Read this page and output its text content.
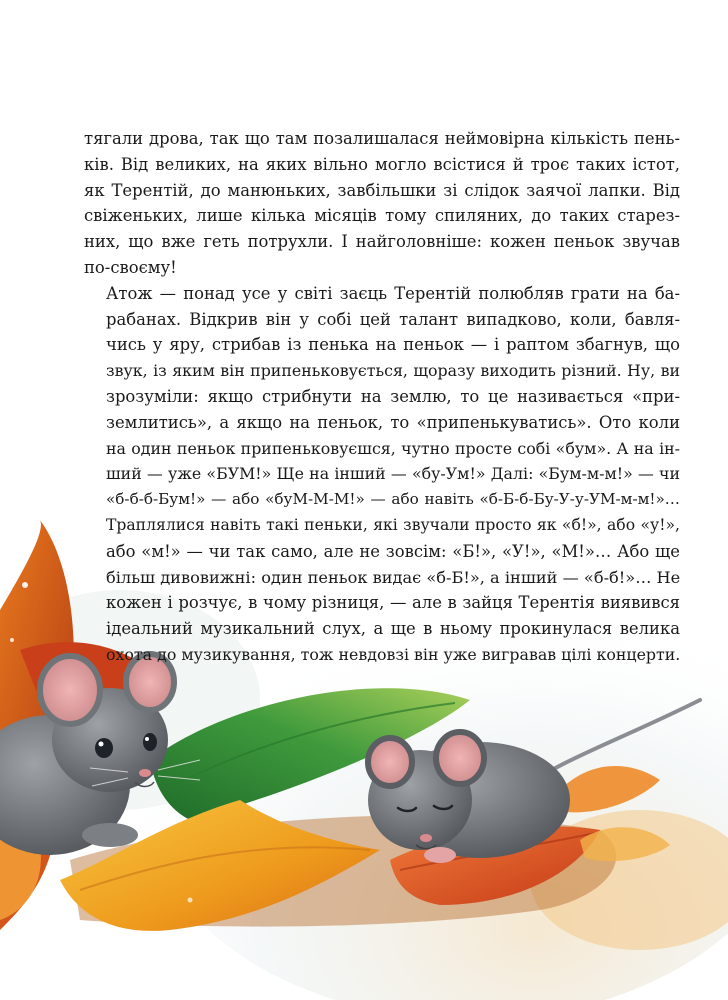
тягали дрова, так що там позалишалася неймовірна кількість пень-
ків. Від великих, на яких вільно могло всістися й троє таких істот,
як Терентій, до манюньких, завбільшки зі слідок заячої лапки. Від
свіженьких, лише кілька місяців тому спиляних, до таких старез-
них, що вже геть потрухли. І найголовніше: кожен пеньок звучав
по-своєму!

Атож — понад усе у світі заєць Терентій полюбляв грати на ба-
рабанах. Відкрив він у собі цей талант випадково, коли, бавля-
чись у яру, стрибав із пенька на пеньок — і раптом збагнув, що
звук, із яким він припеньковується, щоразу виходить різний. Ну, ви
зрозуміли: якщо стрибнути на землю, то це називається «при-
землитись», а якщо на пеньок, то «припенькуватись». Ото коли
на один пеньок припеньковуєшся, чутно просте собі «бум». А на ін-
ший — уже «БУМ!» Ще на інший — «бу-Ум!» Далі: «Бум-м-м!» — чи
«б-б-б-Бум!» — або «буМ-М-М!» — або навіть «б-Б-б-Бу-У-у-УМ-м-м!»…
Траплялися навіть такі пеньки, які звучали просто як «б!», або «у!»,
або «м!» — чи так само, але не зовсім: «Б!», «У!», «М!»… Або ще
більш дивовижні: один пеньок видає «б-Б!», а інший — «б-б!»… Не
кожен і розчує, в чому різниця, — але в зайця Терентія виявився
ідеальний музикальний слух, а ще в ньому прокинулася велика
охота до музикування, тож невдовзі він уже вигравав цілі концерти.
